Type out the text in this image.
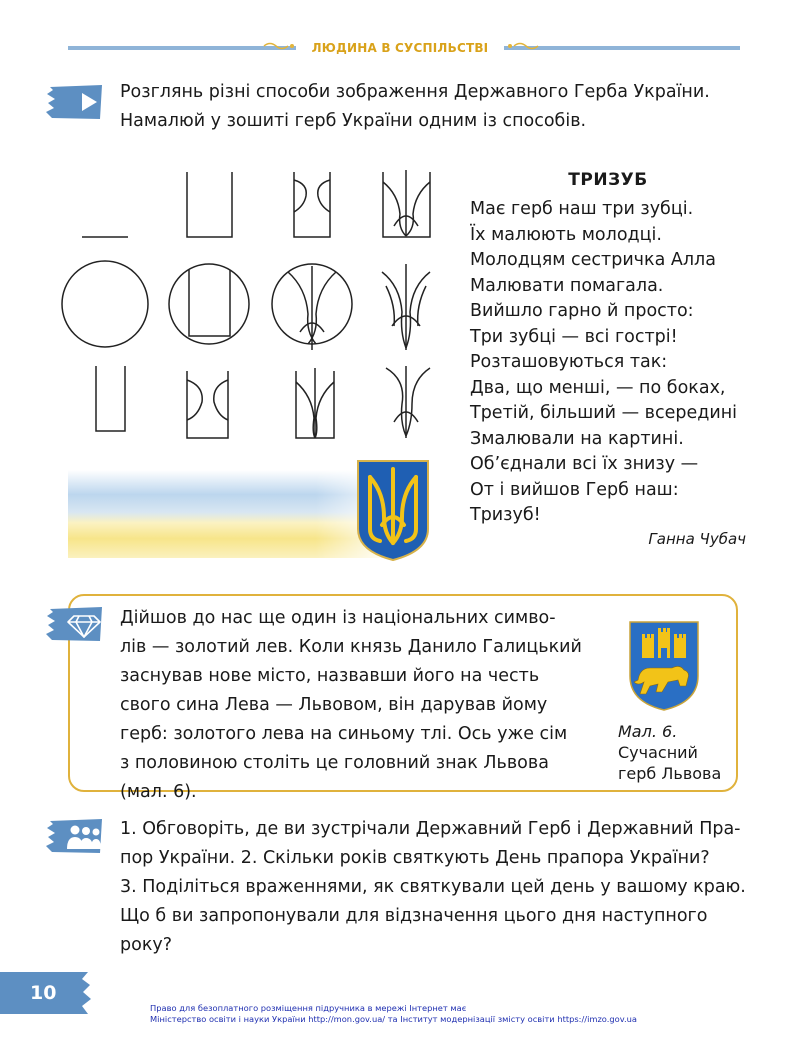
ЛЮДИНА В СУСПІЛЬСТВІ
Розглянь різні способи зображення Державного Герба України.
Намалюй у зошиті герб України одним із способів.
ТРИЗУБ
Має герб наш три зубці.
Їх малюють молодці.
Молодцям сестричка Алла
Малювати помагала.
Вийшло гарно й просто:
Три зубці — всі гострі!
Розташовуються так:
Два, що менші, — по боках,
Третій, більший — всередині
Змалювали на картині.
Об’єднали всі їх знизу —
От і вийшов Герб наш:
Тризуб!
Ганна Чубач
Дійшов до нас ще один із національних симво-
лів — золотий лев. Коли князь Данило Галицький
заснував нове місто, назвавши його на честь
свого сина Лева — Львовом, він дарував йому
герб: золотого лева на синьому тлі. Ось уже сім
з половиною століть це головний знак Львова
(мал. 6).
Мал. 6.
Сучасний
герб Львова
1. Обговоріть, де ви зустрічали Державний Герб і Державний Пра-
пор України. 2. Скільки років святкують День прапора України?
3. Поділіться враженнями, як святкували цей день у вашому краю.
Що б ви запропонували для відзначення цього дня наступного
року?
10
Право для безоплатного розміщення підручника в мережі Інтернет має
Міністерство освіти і науки України http://mon.gov.ua/ та Інститут модернізації змісту освіти https://imzo.gov.ua
